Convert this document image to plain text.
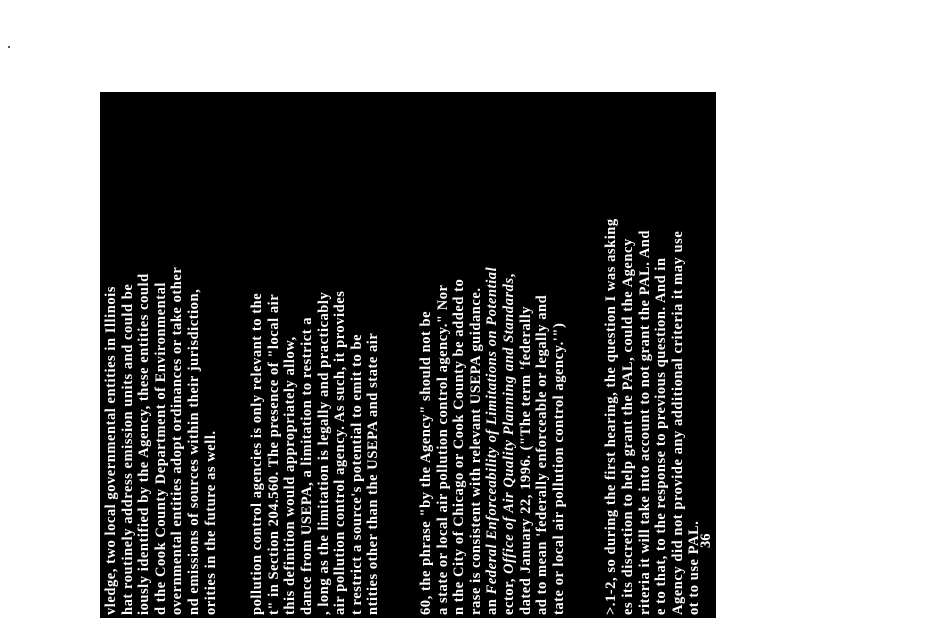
vledge, two local governmental entities in Illinois hat routinely address emission units and could be iously identified by the Agency, these entities could d the Cook County Department of Environmental overnmental entities adopt ordinances or take other nd emissions of sources within their jurisdiction, orities in the future as well. pollution control agencies is only relevant to the t" in Section 204.560. The presence of "local air this definition would appropriately allow, dance from USEPA, a limitation to restrict a , long as the limitation is legally and practicably air pollution control agency. As such, it provides t restrict a source's potential to emit to be ntities other than the USEPA and state air	60, the phrase "by the Agency" should not be a state or local air pollution control agency." Nor n the City of Chicago or Cook County be added to rase is consistent with relevant USEPA guidance. an Federal Enforceability of Limitations on Potential
ector, Office of Air Quality Planning and Standards,
dated January 22, 1996. ("The term 'federally ad to mean 'federally enforceable or legally and tate or local air pollution control agency.'")	>.1-2, so during the first hearing, the question I was asking es its discretion to help grant the PAL, could the Agency riteria it will take into account to not grant the PAL. And e to that, to the response to previous question. And in Agency did not provide any additional criteria it may use ot to use PAL. update that question one more time. stablished through the answers that Agency does have a n when the applicant complies with all the requirements, ercising the discretion not grant, are there any criteria that rcising that the Agency has in mind at this point that it will e exercising its discretion. (Tr. at 98-99). in proposed Section 204.1800 is consistent with the 52.21(aa) and 51.166(w), no additional criteria exist part K of proposed Part 204. See, proposed Section
36
